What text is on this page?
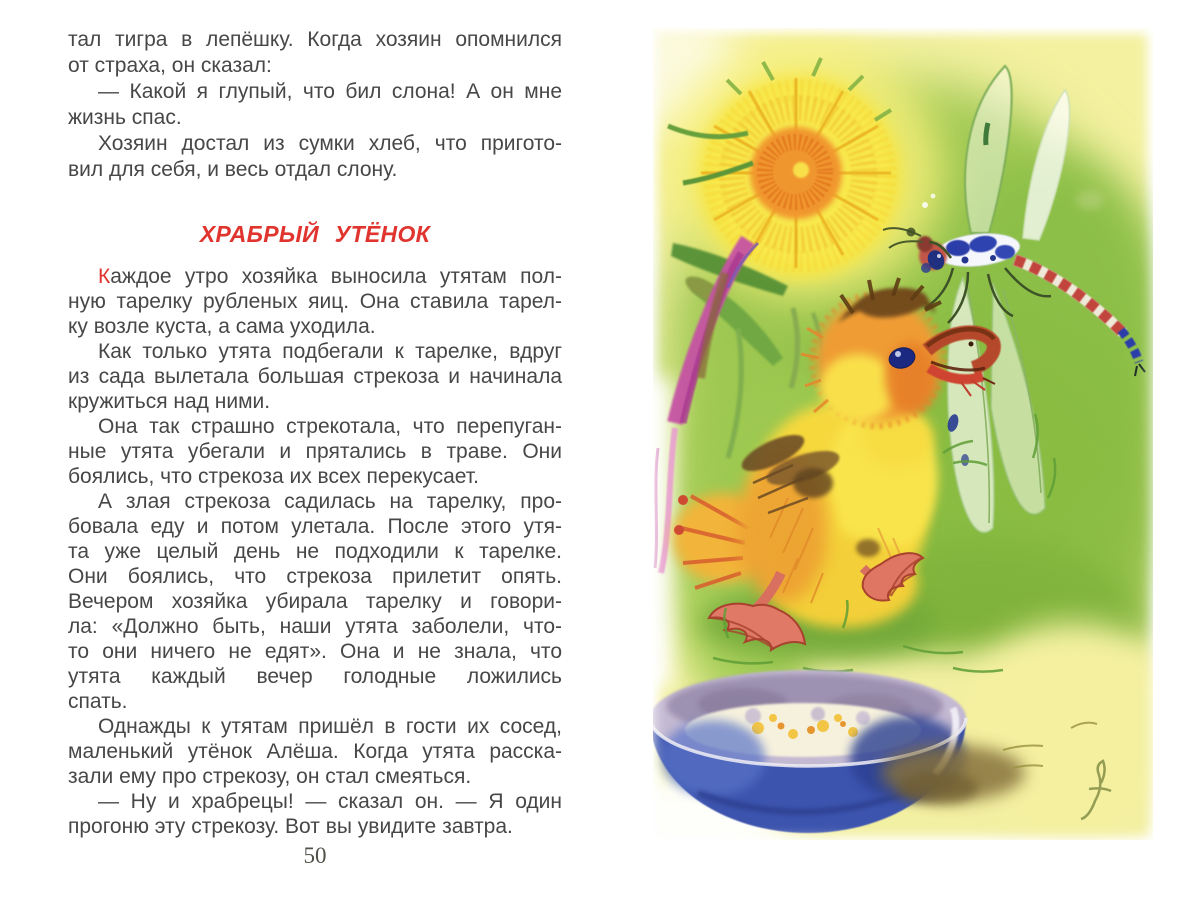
тал тигра в лепёшку. Когда хозяин опомнился
от страха, он сказал:
— Какой я глупый, что бил слона! А он мне
жизнь спас.
Хозяин достал из сумки хлеб, что пригото-
вил для себя, и весь отдал слону.
ХРАБРЫЙ УТЁНОК
Каждое утро хозяйка выносила утятам пол-
ную тарелку рубленых яиц. Она ставила тарел-
ку возле куста, а сама уходила.
Как только утята подбегали к тарелке, вдруг
из сада вылетала большая стрекоза и начинала
кружиться над ними.
Она так страшно стрекотала, что перепуган-
ные утята убегали и прятались в траве. Они
боялись, что стрекоза их всех перекусает.
А злая стрекоза садилась на тарелку, про-
бовала еду и потом улетала. После этого утя-
та уже целый день не подходили к тарелке.
Они боялись, что стрекоза прилетит опять.
Вечером хозяйка убирала тарелку и говори-
ла: «Должно быть, наши утята заболели, что-
то они ничего не едят». Она и не знала, что
утята каждый вечер голодные ложились
спать.
Однажды к утятам пришёл в гости их сосед,
маленький утёнок Алёша. Когда утята расска-
зали ему про стрекозу, он стал смеяться.
— Ну и храбрецы! — сказал он. — Я один
прогоню эту стрекозу. Вот вы увидите завтра.
50
